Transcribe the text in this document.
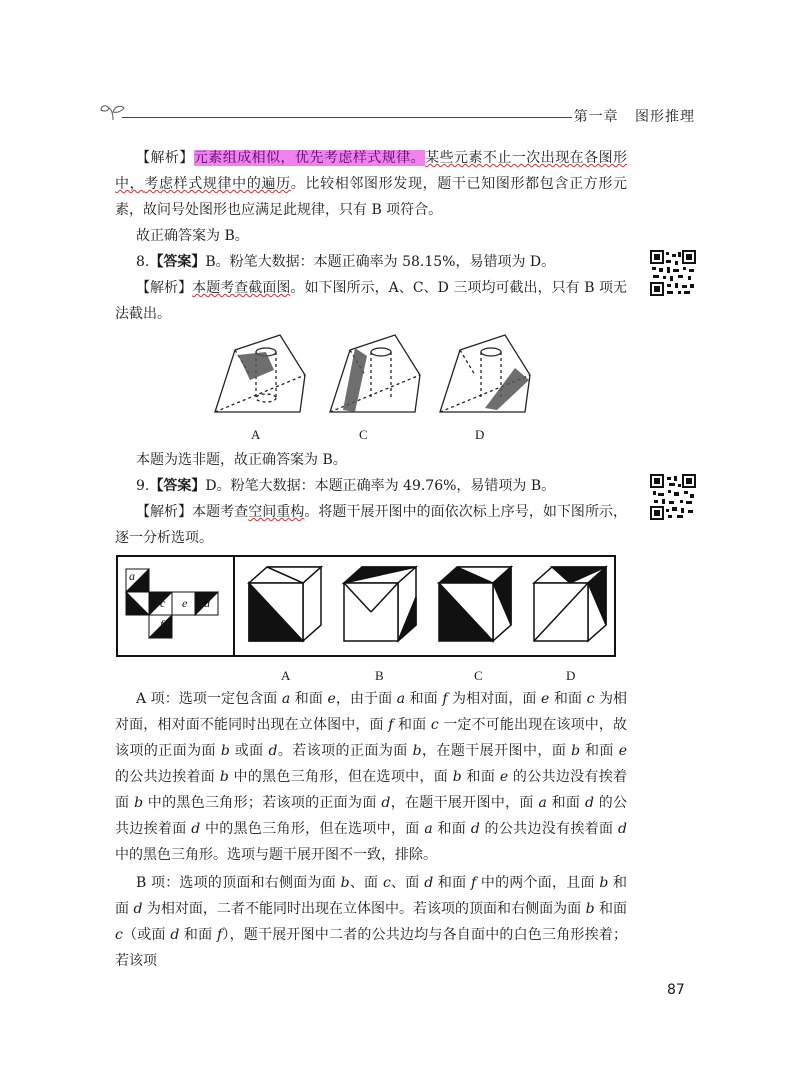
第一章 图形推理

【解析】元素组成相似，优先考虑样式规律。某些元素不止一次出现在各图形中，考虑样式规律中的遍历。比较相邻图形发现，题干已知图形都包含正方形元素，故问号处图形也应满足此规律，只有 B 项符合。

故正确答案为 B。

8.【答案】B。粉笔大数据：本题正确率为 58.15%，易错项为 D。

【解析】本题考查截面图。如下图所示，A、C、D 三项均可截出，只有 B 项无法截出。

A	C	D

本题为选非题，故正确答案为 B。

9.【答案】D。粉笔大数据：本题正确率为 49.76%，易错项为 B。

【解析】本题考查空间重构。将题干展开图中的面依次标上序号，如下图所示，逐一分析选项。

a
b c	d
e
f
A	B	C	D

A 项：选项一定包含面 a 和面 e，由于面 a 和面 f 为相对面，面 e 和面 c 为相对面，相对面不能同时出现在立体图中，面 f 和面 c 一定不可能出现在该项中，故该项的正面为面 b 或面 d。若该项的正面为面 b，在题干展开图中，面 b 和面 e 的公共边挨着面 b 中的黑色三角形，但在选项中，面 b 和面 e 的公共边没有挨着面 b 中的黑色三角形；若该项的正面为面 d，在题干展开图中，面 a 和面 d 的公共边挨着面 d 中的黑色三角形，但在选项中，面 a 和面 d 的公共边没有挨着面 d 中的黑色三角形。选项与题干展开图不一致，排除。

B 项：选项的顶面和右侧面为面 b、面 c、面 d 和面 f 中的两个面，且面 b 和面 d 为相对面，二者不能同时出现在立体图中。若该项的顶面和右侧面为面 b 和面 c（或面 d 和面 f），题干展开图中二者的公共边均与各自面中的白色三角形挨着；若该项

87
